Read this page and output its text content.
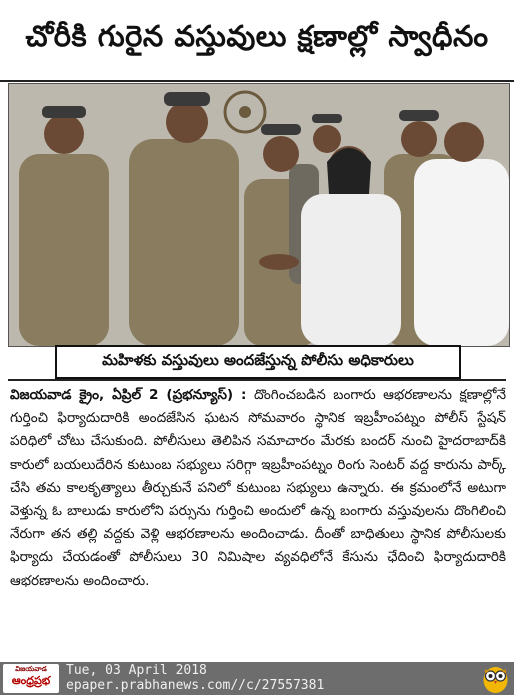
చోరీకి గురైన వస్తువులు క్షణాల్లో స్వాధీనం
మహిళకు వస్తువులు అందజేస్తున్న పోలీసు అధికారులు
విజయవాడ క్రైం, ఏప్రిల్ 2 (ప్రభన్యూస్) : దొంగించబడిన బంగారు ఆభరణాలను క్షణాల్లోనే గుర్తించి ఫిర్యాదుదారికి అందజేసిన ఘటన సోమవారం స్థానిక ఇబ్రహీంపట్నం పోలీస్ స్టేషన్ పరిధిలో చోటు చేసుకుంది. పోలీసులు తెలిపిన సమాచారం మేరకు బందర్ నుంచి హైదరాబాద్‌కి కారులో బయలుదేరిన కుటుంబ సభ్యులు సరిగ్గా ఇబ్రహీంపట్నం రింగు సెంటర్ వద్ద కారును పార్క్ చేసి తమ కాలకృత్యాలు తీర్చుకునే పనిలో కుటుంబ సభ్యులు ఉన్నారు. ఈ క్రమంలోనే అటుగా వెళ్తున్న ఓ బాలుడు కారులోని పర్సును గుర్తించి అందులో ఉన్న బంగారు వస్తువులను దొంగిలించి నేరుగా తన తల్లి వద్దకు వెళ్లి ఆభరణాలను అందించాడు. దీంతో బాధితులు స్థానిక పోలీసులకు ఫిర్యాదు చేయడంతో పోలీసులు 30 నిమిషాల వ్యవధిలోనే కేసును ఛేదించి ఫిర్యాదుదారికి ఆభరణాలను అందించారు.
విజయవాడ
ఆంధ్రప్రభ
Tue, 03 April 2018
epaper.prabhanews.com//c/27557381
